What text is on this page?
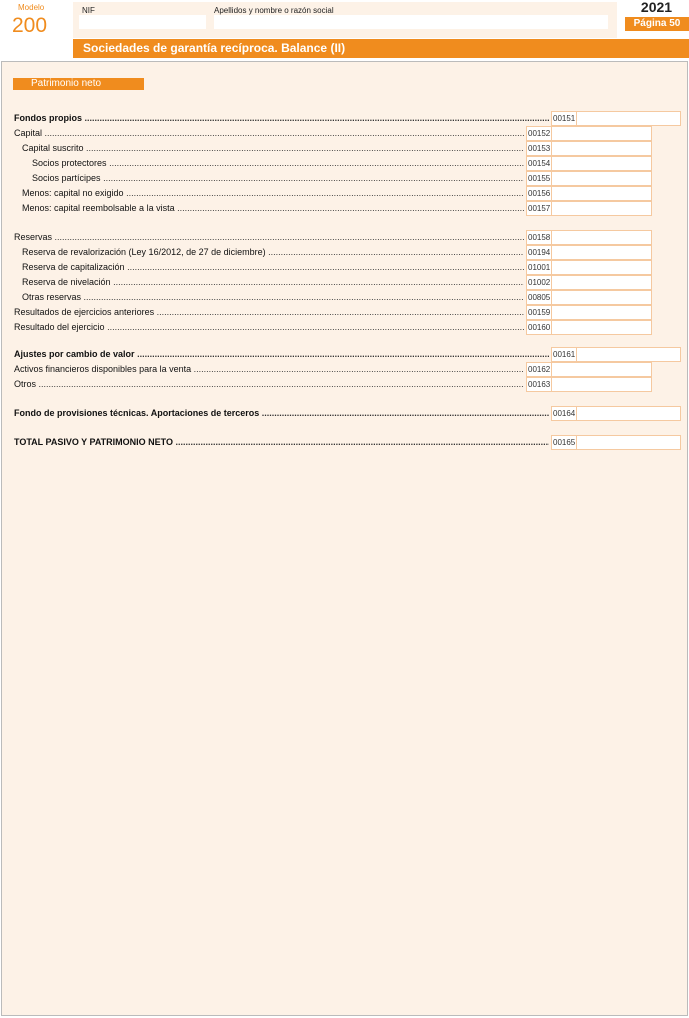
Modelo
200
NIF	Apellidos y nombre o razón social	2021
Página 50
Sociedades de garantía recíproca. Balance (II)
Patrimonio neto
Fondos propios .....	00151
Capital .....	00152
Capital suscrito .....	00153
Socios protectores .....	00154
Socios partícipes .....	00155
Menos: capital no exigido .....	00156
Menos: capital reembolsable a la vista .....	00157
Reservas .....	00158
Reserva de revalorización (Ley 16/2012, de 27 de diciembre) .....	00194
Reserva de capitalización .....	01001
Reserva de nivelación .....	01002
Otras reservas .....	00805
Resultados de ejercicios anteriores .....	00159
Resultado del ejercicio .....	00160
Ajustes por cambio de valor .....	00161
Activos financieros disponibles para la venta .....	00162
Otros .....	00163
Fondo de provisiones técnicas. Aportaciones de terceros .....	00164
TOTAL PASIVO Y PATRIMONIO NETO .....	00165
